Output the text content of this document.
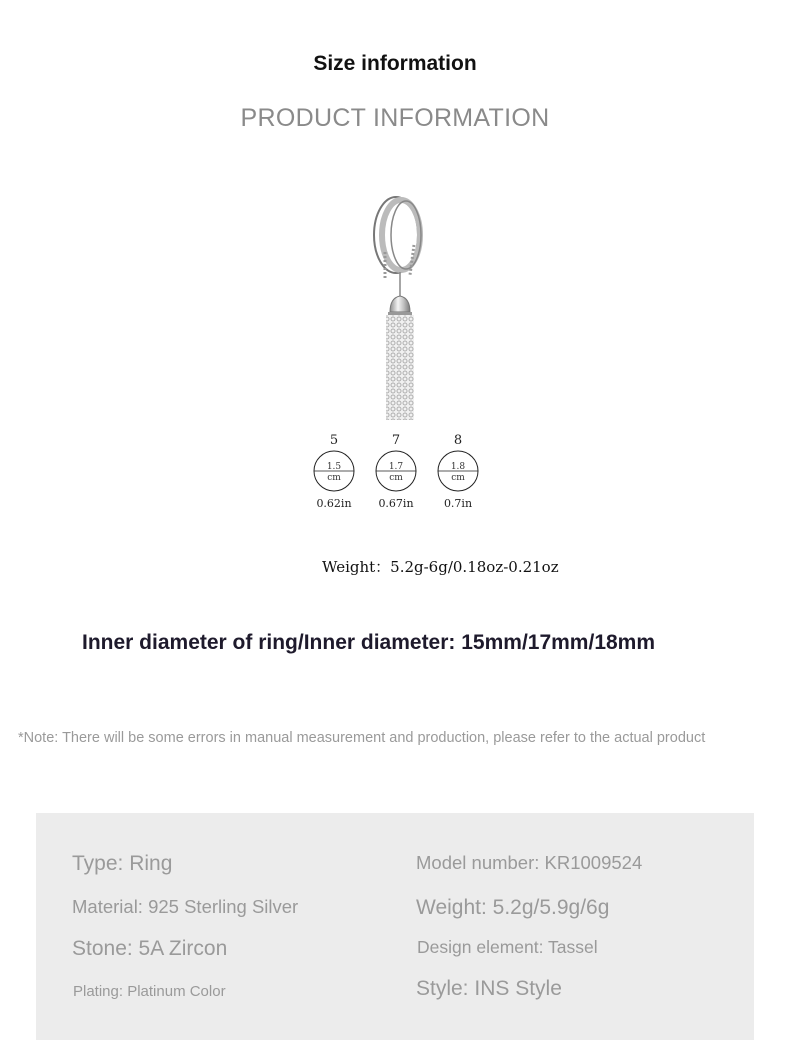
Size information
PRODUCT INFORMATION
5
1.5
cm
0.62in
7
1.7
cm
0.67in
8
1.8
cm
0.7in
Weight：5.2g-6g/0.18oz-0.21oz
Inner diameter of ring/Inner diameter: 15mm/17mm/18mm
*Note: There will be some errors in manual measurement and production, please refer to the actual product
Type: Ring
Material: 925 Sterling Silver
Stone: 5A Zircon
Plating: Platinum Color
Model number: KR1009524
Weight: 5.2g/5.9g/6g
Design element: Tassel
Style: INS Style
